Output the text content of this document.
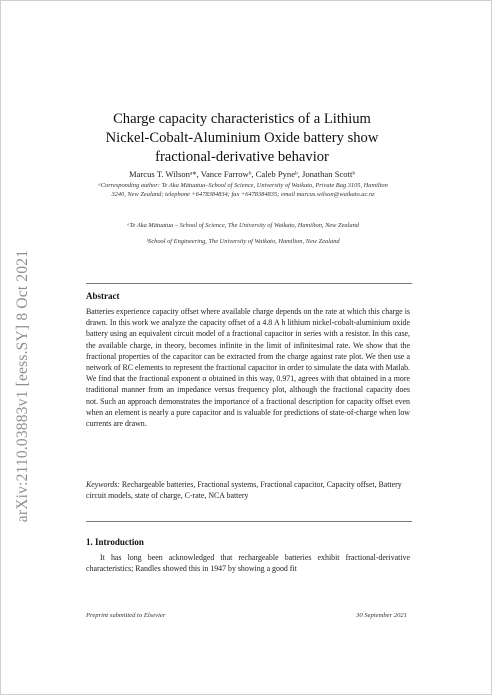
arXiv:2110.03883v1 [eess.SY] 8 Oct 2021
Charge capacity characteristics of a Lithium Nickel-Cobalt-Aluminium Oxide battery show fractional-derivative behavior
Marcus T. Wilsonᵃ*, Vance Farrowᵇ, Caleb Pyneᵇ, Jonathan Scottᵇ
ᵃCorresponding author: Te Aka Mātuatua–School of Science, University of Waikato, Private Bag 3105, Hamilton 3240, New Zealand; telephone +6478384834; fax +6478384835; email marcus.wilson@waikato.ac.nz
ᵃTe Aka Mātuatua – School of Science, The University of Waikato, Hamilton, New Zealand
ᵇSchool of Engineering, The University of Waikato, Hamilton, New Zealand
Abstract
Batteries experience capacity offset where available charge depends on the rate at which this charge is drawn. In this work we analyze the capacity offset of a 4.8 A h lithium nickel-cobalt-aluminium oxide battery using an equivalent circuit model of a fractional capacitor in series with a resistor. In this case, the available charge, in theory, becomes infinite in the limit of infinitesimal rate. We show that the fractional properties of the capacitor can be extracted from the charge against rate plot. We then use a network of RC elements to represent the fractional capacitor in order to simulate the data with Matlab. We find that the fractional exponent α obtained in this way, 0.971, agrees with that obtained in a more traditional manner from an impedance versus frequency plot, although the fractional capacity does not. Such an approach demonstrates the importance of a fractional description for capacity offset even when an element is nearly a pure capacitor and is valuable for predictions of state-of-charge when low currents are drawn.
Keywords: Rechargeable batteries, Fractional systems, Fractional capacitor, Capacity offset, Battery circuit models, state of charge, C-rate, NCA battery
1. Introduction
It has long been acknowledged that rechargeable batteries exhibit fractional-derivative characteristics; Randles showed this in 1947 by showing a good fit
Preprint submitted to Elsevier	30 September 2021
